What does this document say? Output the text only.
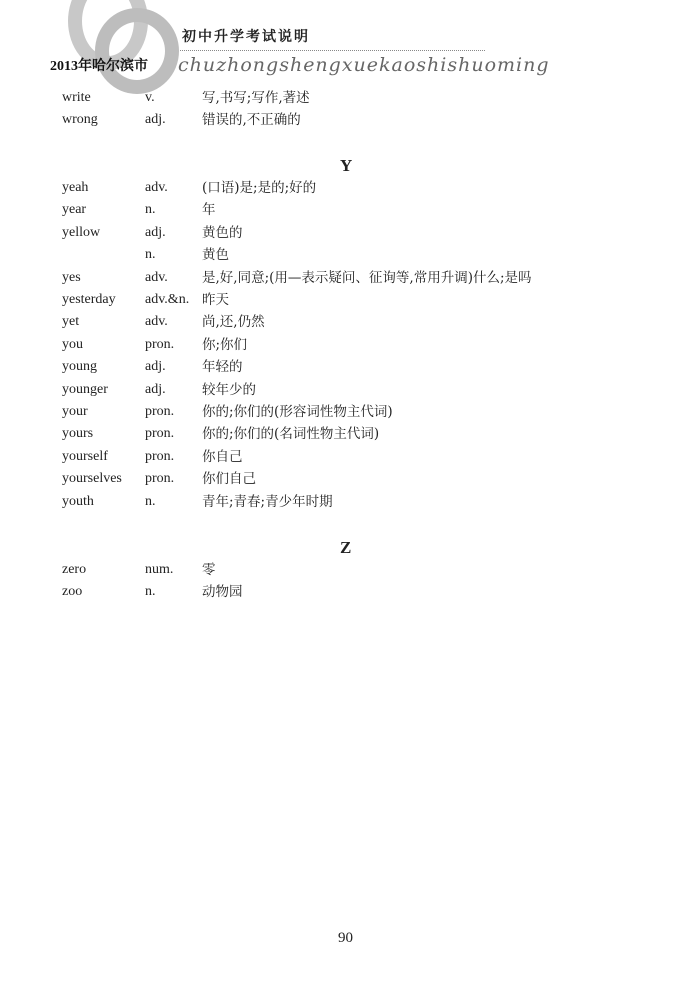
初中升学考试说明
2013年哈尔滨市 chuzhongshengxuekaoshishuoming
write	v.	写,书写;写作,著述
wrong	adj.	错误的,不正确的
Y
yeah	adv.	(口语)是;是的;好的
year	n.	年
yellow	adj.	黄色的
n.	黄色
yes	adv.	是,好,同意;(用—表示疑问、征询等,常用升调)什么;是吗
yesterday adv.&n. 昨天
yet	adv.	尚,还,仍然
you	pron. 你;你们
young	adj.	年轻的
younger	adj.	较年少的
your	pron. 你的;你们的(形容词性物主代词)
yours	pron. 你的;你们的(名词性物主代词)
yourself	pron. 你自己
yourselves pron. 你们自己
youth	n.	青年;青春;青少年时期
Z
zero	num. 零
zoo	n.	动物园
90
